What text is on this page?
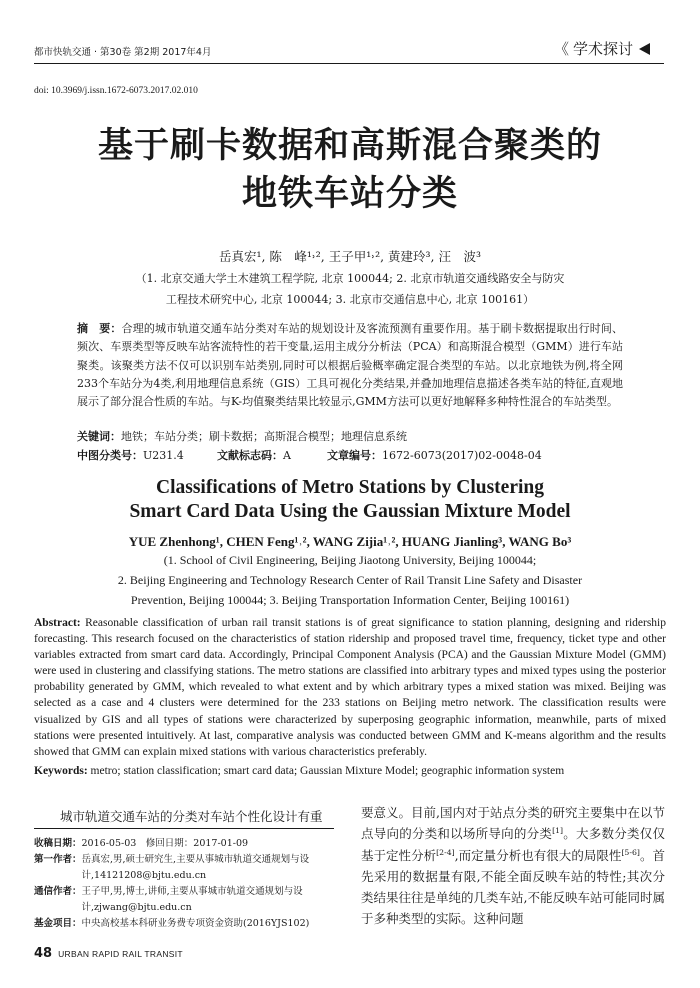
都市快轨交通 · 第30卷 第2期 2017年4月	《 学术探讨
doi: 10.3969/j.issn.1672-6073.2017.02.010
基于刷卡数据和高斯混合聚类的
地铁车站分类
岳真宏¹, 陈　峰¹˒², 王子甲¹˒², 黄建玲³, 汪　波³
（1. 北京交通大学土木建筑工程学院, 北京 100044; 2. 北京市轨道交通线路安全与防灾
工程技术研究中心, 北京 100044; 3. 北京市交通信息中心, 北京 100161）

摘　要：合理的城市轨道交通车站分类对车站的规划设计及客流预测有重要作用。基于刷卡数据提取出行时间、频次、车票类型等反映车站客流特性的若干变量,运用主成分分析法（PCA）和高斯混合模型（GMM）进行车站聚类。该聚类方法不仅可以识别车站类别,同时可以根据后验概率确定混合类型的车站。以北京地铁为例,将全网233个车站分为4类,利用地理信息系统（GIS）工具可视化分类结果,并叠加地理信息描述各类车站的特征,直观地展示了部分混合性质的车站。与K-均值聚类结果比较显示,GMM方法可以更好地解释多种特性混合的车站类型。

关键词：地铁；车站分类；刷卡数据；高斯混合模型；地理信息系统
中图分类号：U231.4	文献标志码：A	文章编号：1672-6073(2017)02-0048-04
Classifications of Metro Stations by Clustering
Smart Card Data Using the Gaussian Mixture Model
YUE Zhenhong¹, CHEN Feng¹˒², WANG Zijia¹˒², HUANG Jianling³, WANG Bo³
(1. School of Civil Engineering, Beijing Jiaotong University, Beijing 100044;
2. Beijing Engineering and Technology Research Center of Rail Transit Line Safety and Disaster
Prevention, Beijing 100044; 3. Beijing Transportation Information Center, Beijing 100161)

Abstract: Reasonable classification of urban rail transit stations is of great significance to station planning, designing and ridership forecasting. This research focused on the characteristics of station ridership and proposed travel time, frequency, ticket type and other variables extracted from smart card data. Accordingly, Principal Component Analysis (PCA) and the Gaussian Mixture Model (GMM) were used in clustering and classifying stations. The metro stations are classified into arbitrary types and mixed types using the posterior probability generated by GMM, which revealed to what extent and by which arbitrary types a mixed station was mixed. Beijing was selected as a case and 4 clusters were determined for the 233 stations on Beijing metro network. The classification results were visualized by GIS and all types of stations were characterized by superposing geographic information, meanwhile, parts of mixed stations were presented intuitively. At last, comparative analysis was conducted between GMM and K-means algorithm and the results showed that GMM can explain mixed stations with various characteristics preferably.

Keywords: metro; station classification; smart card data; Gaussian Mixture Model; geographic information system
城市轨道交通车站的分类对车站个性化设计有重
收稿日期： 2016-05-03　修回日期：2017-01-09
第一作者： 岳真宏,男,硕士研究生,主要从事城市轨道交通规划与设计,14121208@bjtu.edu.cn
通信作者： 王子甲,男,博士,讲师,主要从事城市轨道交通规划与设计,zjwang@bjtu.edu.cn
基金项目： 中央高校基本科研业务费专项资金资助(2016YJS102)

要意义。目前,国内对于站点分类的研究主要集中在以节点导向的分类和以场所导向的分类[1]。大多数分类仅仅基于定性分析[2-4],而定量分析也有很大的局限性[5-6]。首先采用的数据量有限,不能全面反映车站的特性;其次分类结果往往是单纯的几类车站,不能反映车站可能同时属于多种类型的实际。这种问题

48 URBAN RAPID RAIL TRANSIT
